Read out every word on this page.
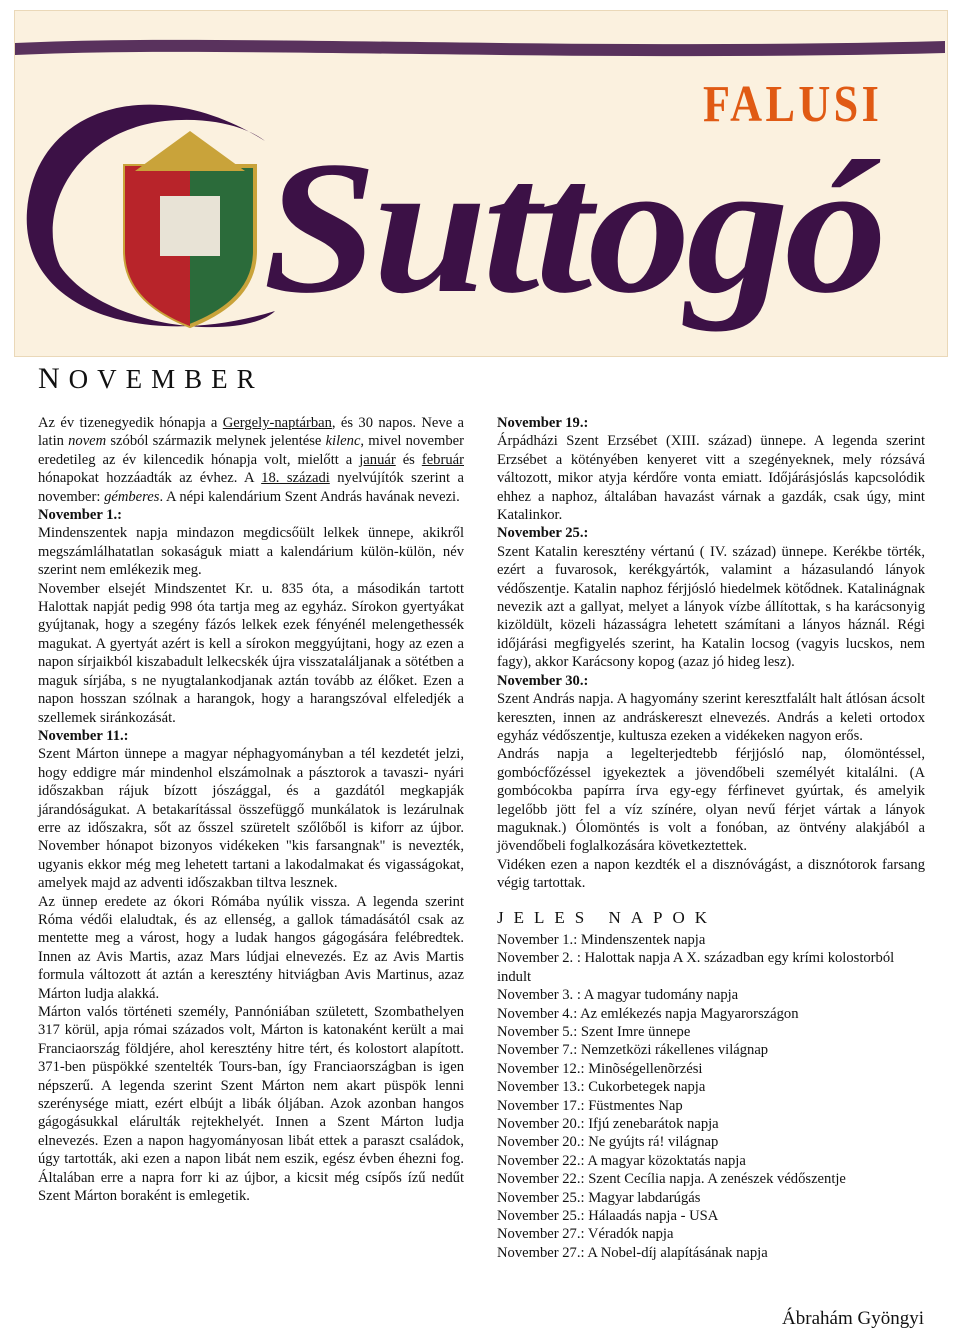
FALUSI
Suttogó
NOVEMBER

Az év tizenegyedik hónapja a Gergely-naptárban, és 30 napos. Neve a latin novem szóból származik melynek jelentése kilenc, mivel november eredetileg az év kilencedik hónapja volt, mielőtt a január és február hónapokat hozzáadták az évhez. A 18. századi nyelvújítók szerint a november: gémberes. A népi kalendárium Szent András havának nevezi.

November 1.:

Mindenszentek napja mindazon megdicsőült lelkek ünnepe, akikről megszámlálhatatlan sokaságuk miatt a kalendárium külön-külön, név szerint nem emlékezik meg.

November elsejét Mindszentet Kr. u. 835 óta, a másodikán tartott Halottak napját pedig 998 óta tartja meg az egyház. Sírokon gyertyákat gyújtanak, hogy a szegény fázós lelkek ezek fényénél melengethessék magukat. A gyertyát azért is kell a sírokon meggyújtani, hogy az ezen a napon sírjaikból kiszabadult lelkecskék újra visszataláljanak a sötétben a maguk sírjába, s ne nyugtalankodjanak aztán tovább az élőket. Ezen a napon hosszan szólnak a harangok, hogy a harangszóval elfeledjék a szellemek siránkozását.

November 11.:

Szent Márton ünnepe a magyar néphagyományban a tél kezdetét jelzi, hogy eddigre már mindenhol elszámolnak a pásztorok a tavaszi- nyári időszakban rájuk bízott jószággal, és a gazdától megkapják járandóságukat. A betakarítással összefüggő munkálatok is lezárulnak erre az időszakra, sőt az ősszel szüretelt szőlőből is kiforr az újbor. November hónapot bizonyos vidékeken "kis farsangnak" is nevezték, ugyanis ekkor még meg lehetett tartani a lakodalmakat és vigasságokat, amelyek majd az adventi időszakban tiltva lesznek.

Az ünnep eredete az ókori Rómába nyúlik vissza. A legenda szerint Róma védői elaludtak, és az ellenség, a gallok támadásától csak az mentette meg a várost, hogy a ludak hangos gágogására felébredtek. Innen az Avis Martis, azaz Mars lúdjai elnevezés. Ez az Avis Martis formula változott át aztán a keresztény hitviágban Avis Martinus, azaz Márton ludja alakká.

Márton valós történeti személy, Pannóniában született, Szombathelyen 317 körül, apja római százados volt, Márton is katonaként került a mai Franciaország földjére, ahol keresztény hitre tért, és kolostort alapított. 371-ben püspökké szentelték Tours-ban, így Franciaországban is igen népszerű. A legenda szerint Szent Márton nem akart püspök lenni szerénysége miatt, ezért elbújt a libák óljában. Azok azonban hangos gágogásukkal elárulták rejtekhelyét. Innen a Szent Márton ludja elnevezés. Ezen a napon hagyományosan libát ettek a paraszt családok, úgy tartották, aki ezen a napon libát nem eszik, egész évben éhezni fog. Általában erre a napra forr ki az újbor, a kicsit még csípős ízű nedűt Szent Márton boraként is emlegetik.

November 19.:

Árpádházi Szent Erzsébet (XIII. század) ünnepe. A legenda szerint Erzsébet a kötényében kenyeret vitt a szegényeknek, mely rózsává változott, mikor atyja kérdőre vonta emiatt. Időjárásjóslás kapcsolódik ehhez a naphoz, általában havazást várnak a gazdák, csak úgy, mint Katalinkor.

November 25.:

Szent Katalin keresztény vértanú ( IV. század) ünnepe. Kerékbe törték, ezért a fuvarosok, kerékgyártók, valamint a házasulandó lányok védőszentje. Katalin naphoz férjjósló hiedelmek kötődnek. Katalinágnak nevezik azt a gallyat, melyet a lányok vízbe állítottak, s ha karácsonyig kizöldült, közeli házasságra lehetett számítani a lányos háznál. Régi időjárási megfigyelés szerint, ha Katalin locsog (vagyis lucskos, nem fagy), akkor Karácsony kopog (azaz jó hideg lesz).

November 30.:

Szent András napja. A hagyomány szerint keresztfalált halt átlósan ácsolt kereszten, innen az andráskereszt elnevezés. András a keleti ortodox egyház védőszentje, kultusza ezeken a vidékeken nagyon erős.

András napja a legelterjedtebb férjjósló nap, ólomöntéssel, gombócfőzéssel igyekeztek a jövendőbeli személyét kitalálni. (A gombócokba papírra írva egy-egy férfinevet gyúrtak, és amelyik legelőbb jött fel a víz színére, olyan nevű férjet vártak a lányok maguknak.) Ólomöntés is volt a fonóban, az öntvény alakjából a jövendőbeli foglalkozására következtettek.

Vidéken ezen a napon kezdték el a disznóvágást, a disznótorok farsang végig tartottak.

JELES NAPOK

November 1.: Mindenszentek napja

November 2. : Halottak napja A X. században egy krími kolostorból indult

November 3. : A magyar tudomány napja

November 4.: Az emlékezés napja Magyarországon

November 5.: Szent Imre ünnepe

November 7.: Nemzetközi rákellenes világnap

November 12.: Minõségellenõrzési

November 13.: Cukorbetegek napja

November 17.: Füstmentes Nap

November 20.: Ifjú zenebarátok napja

November 20.: Ne gyújts rá! világnap

November 22.: A magyar közoktatás napja

November 22.: Szent Cecília napja. A zenészek védőszentje

November 25.: Magyar labdarúgás

November 25.: Hálaadás napja - USA

November 27.: Véradók napja

November 27.: A Nobel-díj alapításának napja

Ábrahám Gyöngyi
